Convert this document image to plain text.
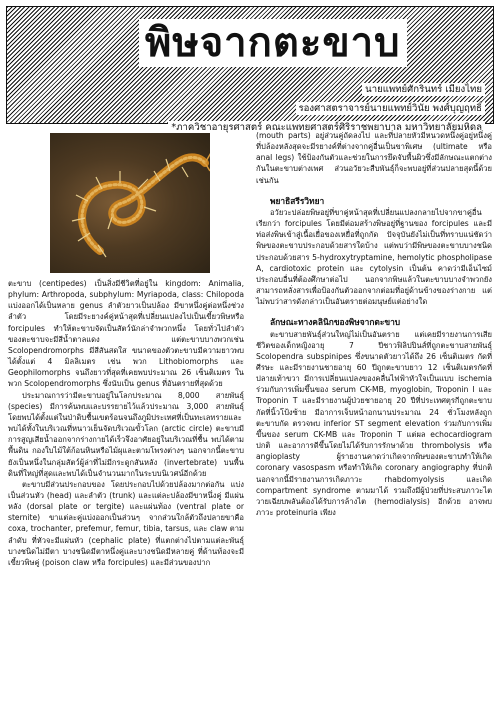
พิษจากตะขาบ
นายแพทย์ศักรินทร์ เมียงไทย
รองศาสตราจารย์นายแพทย์วินัย พงศ์บุญฤทธิ์
*ภาควิชาอายุรศาสตร์ คณะแพทยศาสตร์ศิริราชพยาบาล มหาวิทยาลัยมหิดล

ตะขาบ (centipedes) เป็นสิ่งมีชีวิตที่อยู่ใน kingdom: Animalia, phylum: Arthropoda, subphylum: Myriapoda, class: Chilopoda แบ่งออกได้เป็นหลาย genus ลำตัวยาวเป็นปล้อง มีขาหนึ่งคู่ต่อหนึ่งช่วงลำตัว โดยมีระยางค์คู่หน้าสุดที่เปลี่ยนแปลงไปเป็นเขี้ยวพิษหรือ forcipules ทำให้ตะขาบจัดเป็นสัตว์นักล่าจำพวกหนึ่ง โดยทั่วไปลำตัวของตะขาบจะมีสีน้ำตาลแดง แต่ตะขาบบางพวกเช่น Scolopendromorphs มีสีสันสดใส ขนาดของตัวตะขาบมีความยาวพบได้ตั้งแต่ 4 มิลลิเมตร เช่น พวก Lithobiomorphs และ Geophilomorphs จนถึงยาวที่สุดที่เคยพบประมาณ 26 เซ็นติเมตร ในพวก Scolopendromorphs ซึ่งนับเป็น genus ที่อันตรายที่สุดด้วย

ประมาณการว่ามีตะขาบอยู่ในโลกประมาณ 8,000 สายพันธุ์ (species) มีการค้นพบและบรรยายไว้แล้วประมาณ 3,000 สายพันธุ์ โดยพบได้ตั้งแต่ในป่าดิบชื้นเขตร้อนจนถึงภูมิประเทศที่เป็นทะเลทรายและพบได้ทั้งในบริเวณที่หนาวเย็นจัดบริเวณขั้วโลก (arctic circle) ตะขาบมีการสูญเสียน้ำออกจากร่างกายได้เร็วจึงอาศัยอยู่ในบริเวณที่ชื้น พบได้ตามพื้นดิน กองใบไม้ใต้ก้อนหินหรือไม้ผุและตามโพรงต่างๆ นอกจากนี้ตะขาบยังเป็นหนึ่งในกลุ่มสัตว์ผู้ล่าที่ไม่มีกระดูกสันหลัง (invertebrate) บนพื้นดินที่ใหญ่ที่สุดและพบได้เป็นจำนวนมากในระบบนิเวศน์อีกด้วย

ตะขาบมีส่วนประกอบของ โดยประกอบไปด้วยปล้องมากต่อกัน แบ่งเป็นส่วนหัว (head) และลำตัว (trunk) และแต่ละปล้องมีขาหนึ่งคู่ มีแผ่นหลัง (dorsal plate or tergite) และแผ่นท้อง (ventral plate or sternite) ขาแต่ละคู่แบ่งออกเป็นส่วนๆ จากส่วนใกล้ตัวถึงปลายขาคือ coxa, trochanter, prefemur, femur, tibia, tarsus, และ claw ตามลำดับ ที่หัวจะมีแผ่นหัว (cephalic plate) ที่แตกต่างไปตามแต่ละพันธุ์ บางชนิดไม่มีตา บางชนิดมีตาหนึ่งคู่และบางชนิดมีหลายคู่ ที่ด้านท้องจะมีเขี้ยวพิษคู่ (poison claw หรือ forcipules) และมีส่วนของปาก

(mouth parts) อยู่ส่วนคู่ถัดลงไป และที่ปลายหัวมีหนวดหนึ่งคู่อยู่หนึ่งคู่ ที่ปล้องหลังสุดจะมีรยางค์ที่ต่างจากคู่อื่นเป็นขาพิเศษ (ultimate หรือ anal legs) ใช้ป้องกันตัวและช่วยในการยึดจับพื้นผิวซึ่งมีลักษณะแตกต่างกันในตะขาบต่างเพศ ส่วนอวัยวะสืบพันธุ์ก็จะพบอยู่ที่ส่วนปลายสุดนี้ด้วยเช่นกัน

พยาธิสรีรวิทยา

อวัยวะปล่อยพิษอยู่ที่ขาคู่หน้าสุดที่เปลี่ยนแปลงกลายไปจากขาคู่อื่นเรียกว่า forcipules โดยมีต่อมสร้างพิษอยู่ที่ฐานของ forcipules และมีท่อส่งพิษเข้าสู่เนื้อเยื่อของเหยื่อที่ถูกกัด ปัจจุบันยังไม่เป็นที่ทราบแน่ชัดว่าพิษของตะขาบประกอบด้วยสารใดบ้าง แต่พบว่ามีพิษของตะขาบบางชนิดประกอบด้วยสาร 5-hydroxytryptamine, hemolytic phospholipase A, cardiotoxic protein และ cytolysin เป็นต้น คาดว่ามีเอ็นไซม์ประกอบอื่นที่ต้องศึกษาต่อไป นอกจากพิษแล้วในตะขาบบางจำพวกยังสามารถหลั่งสารเพื่อป้องกันตัวออกจากต่อมที่อยู่ด้านข้างของร่างกาย แต่ไม่พบว่าสารดังกล่าวเป็นอันตรายต่อมนุษย์แต่อย่างใด

ลักษณะทางคลินิกของพิษจากตะขาบ

ตะขาบสายพันธุ์ส่วนใหญ่ไม่เป็นอันตราย แต่เคยมีรายงานการเสียชีวิตของเด็กหญิงอายุ 7 ปีชาวฟิลิปปินส์ที่ถูกตะขาบสายพันธุ์ Scolopendra subspinipes ซึ่งขนาดตัวยาวได้ถึง 26 เซ็นติเมตร กัดที่ศีรษะ และมีรายงานชายอายุ 60 ปีถูกตะขาบยาว 12 เซ็นติเมตรกัดที่ปลายเท้าขวา มีการเปลี่ยนแปลงของคลื่นไฟฟ้าหัวใจเป็นแบบ ischemia ร่วมกับการเพิ่มขึ้นของ serum CK-MB, myoglobin, Troponin I และ Troponin T และมีรายงานผู้ป่วยชายอายุ 20 ปีที่ประเทศตุรกีถูกตะขาบกัดที่นิ้วโป้งซ้าย มีอาการเจ็บหน้าอกนานประมาณ 24 ชั่วโมงหลังถูกตะขาบกัด ตรวจพบ inferior ST segment elevation ร่วมกับการเพิ่มขึ้นของ serum CK-MB และ Troponin T แต่ผล echocardiogram ปกติ และอาการดีขึ้นโดยไม่ได้รับการรักษาด้วย thrombolysis หรือ angioplasty ผู้รายงานคาดว่าเกิดจากพิษของตะขาบทำให้เกิด coronary vasospasm หรือทำให้เกิด coronary angiography ที่ปกติ นอกจากนี้มีรายงานการเกิดภาวะ rhabdomyolysis และเกิด compartment syndrome ตามมาได้ รวมถึงมีผู้ป่วยที่ประสบภาวะไตวายเฉียบพลันต้องได้รับการล้างไต (hemodialysis) อีกด้วย อาจพบภาวะ proteinuria เพียง
